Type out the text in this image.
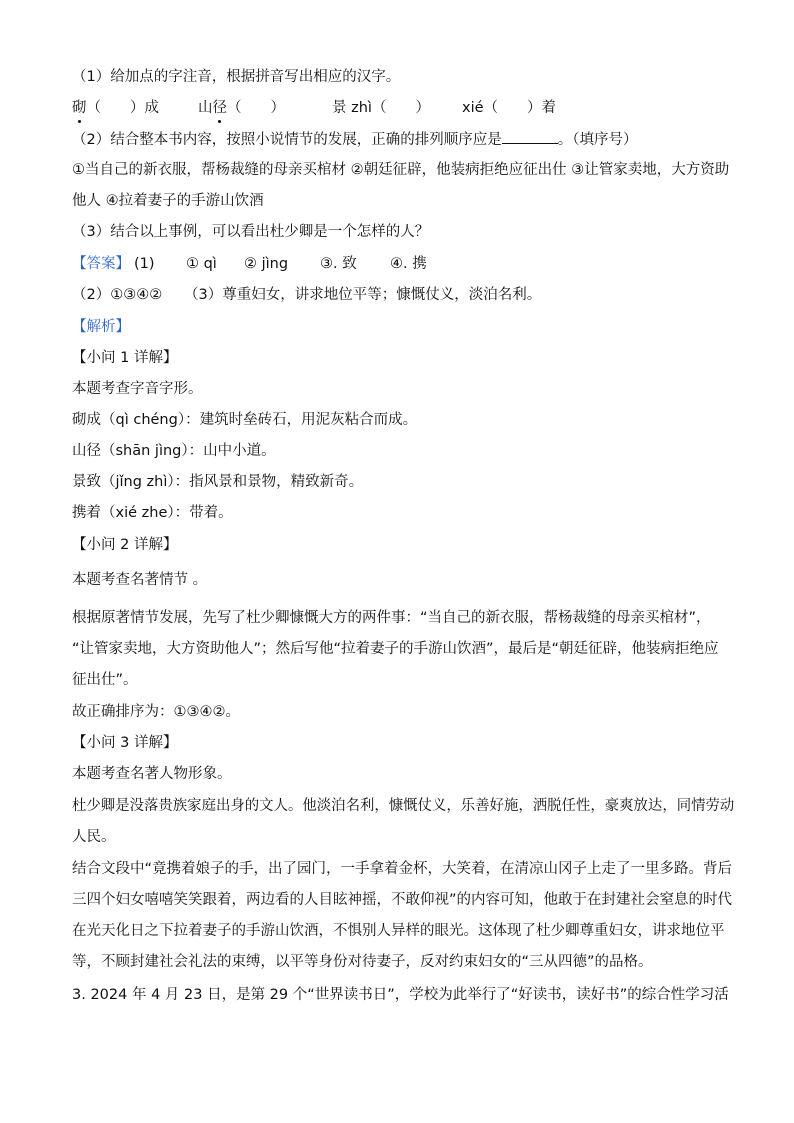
（1）给加点的字注音，根据拼音写出相应的汉字。
砌（　　）成	山径（　　）	景 zhì（　　） xié（　　）着
（2）结合整本书内容，按照小说情节的发展，正确的排列顺序应是	。（填序号）
①当自己的新衣服，帮杨裁缝的母亲买棺材 ②朝廷征辟，他装病拒绝应征出仕 ③让管家卖地，大方资助
他人 ④拉着妻子的手游山饮酒
（3）结合以上事例，可以看出杜少卿是一个怎样的人？
【答案】 (1) ① qì ② jìng ③. 致 ④. 携
（2）①③④②　　（3）尊重妇女，讲求地位平等；慷慨仗义，淡泊名利。
【解析】
【小问 1 详解】
本题考查字音字形。
砌成（qì chéng）：建筑时垒砖石，用泥灰粘合而成。
山径（shān jìng）：山中小道。
景致（jǐng zhì）：指风景和景物，精致新奇。
携着（xié zhe）：带着。
【小问 2 详解】
本题考查名著情节 。
根据原著情节发展，先写了杜少卿慷慨大方的两件事：“当自己的新衣服，帮杨裁缝的母亲买棺材”，
“让管家卖地，大方资助他人”；然后写他“拉着妻子的手游山饮酒”，最后是“朝廷征辟，他装病拒绝应
征出仕”。
故正确排序为：①③④②。
【小问 3 详解】
本题考查名著人物形象。
杜少卿是没落贵族家庭出身的文人。他淡泊名利，慷慨仗义，乐善好施，洒脱任性，豪爽放达，同情劳动
人民。
结合文段中“竟携着娘子的手，出了园门，一手拿着金杯，大笑着，在清凉山冈子上走了一里多路。背后
三四个妇女嘻嘻笑笑跟着，两边看的人目眩神摇，不敢仰视”的内容可知，他敢于在封建社会窒息的时代
在光天化日之下拉着妻子的手游山饮酒，不惧别人异样的眼光。这体现了杜少卿尊重妇女，讲求地位平
等，不顾封建社会礼法的束缚，以平等身份对待妻子，反对约束妇女的“三从四德”的品格。
3. 2024 年 4 月 23 日，是第 29 个“世界读书日”，学校为此举行了“好读书，读好书”的综合性学习活
